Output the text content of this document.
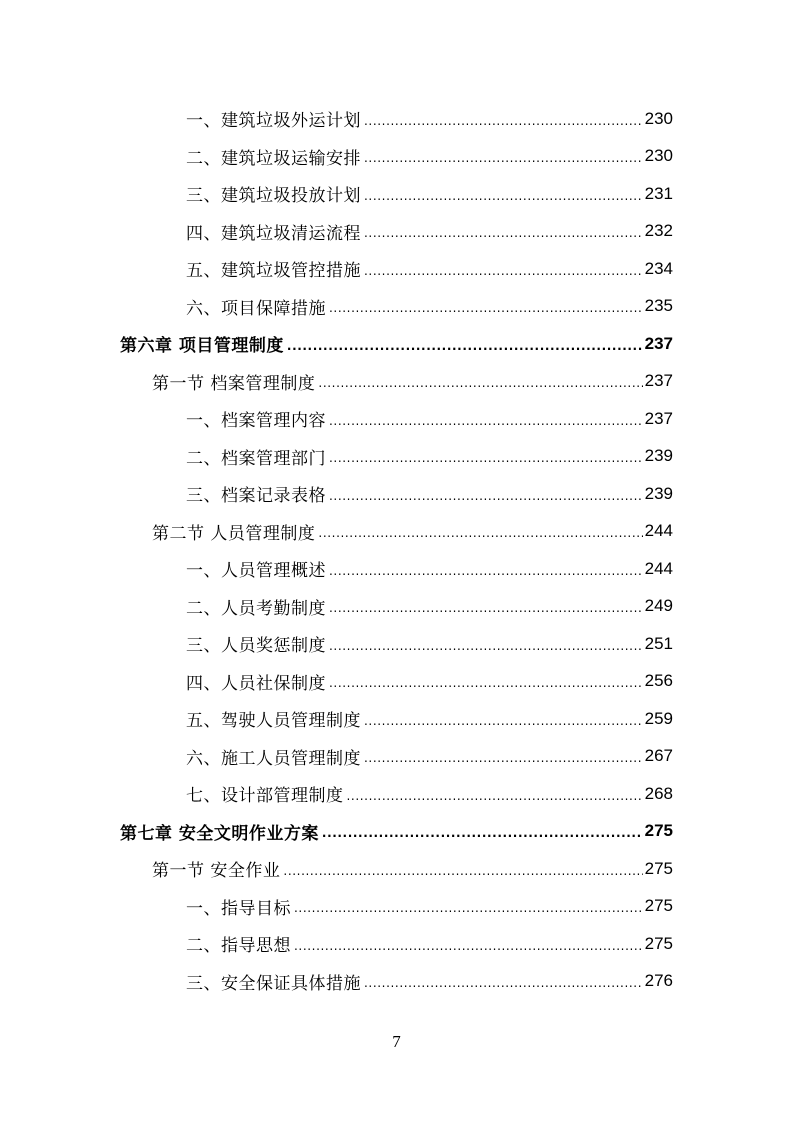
一、建筑垃圾外运计划 .....	230
二、建筑垃圾运输安排 .....	230
三、建筑垃圾投放计划 .....	231
四、建筑垃圾清运流程 .....	232
五、建筑垃圾管控措施 .....	234
六、项目保障措施 .....	235
第六章 项目管理制度 .....	237
第一节 档案管理制度 .....	237
一、档案管理内容 .....	237
二、档案管理部门 .....	239
三、档案记录表格 .....	239
第二节 人员管理制度 .....	244
一、人员管理概述 .....	244
二、人员考勤制度 .....	249
三、人员奖惩制度 .....	251
四、人员社保制度 .....	256
五、驾驶人员管理制度 .....	259
六、施工人员管理制度 .....	267
七、设计部管理制度 .....	268
第七章 安全文明作业方案 .....	275
第一节 安全作业 .....	275
一、指导目标 .....	275
二、指导思想 .....	275
三、安全保证具体措施 .....	276
7
